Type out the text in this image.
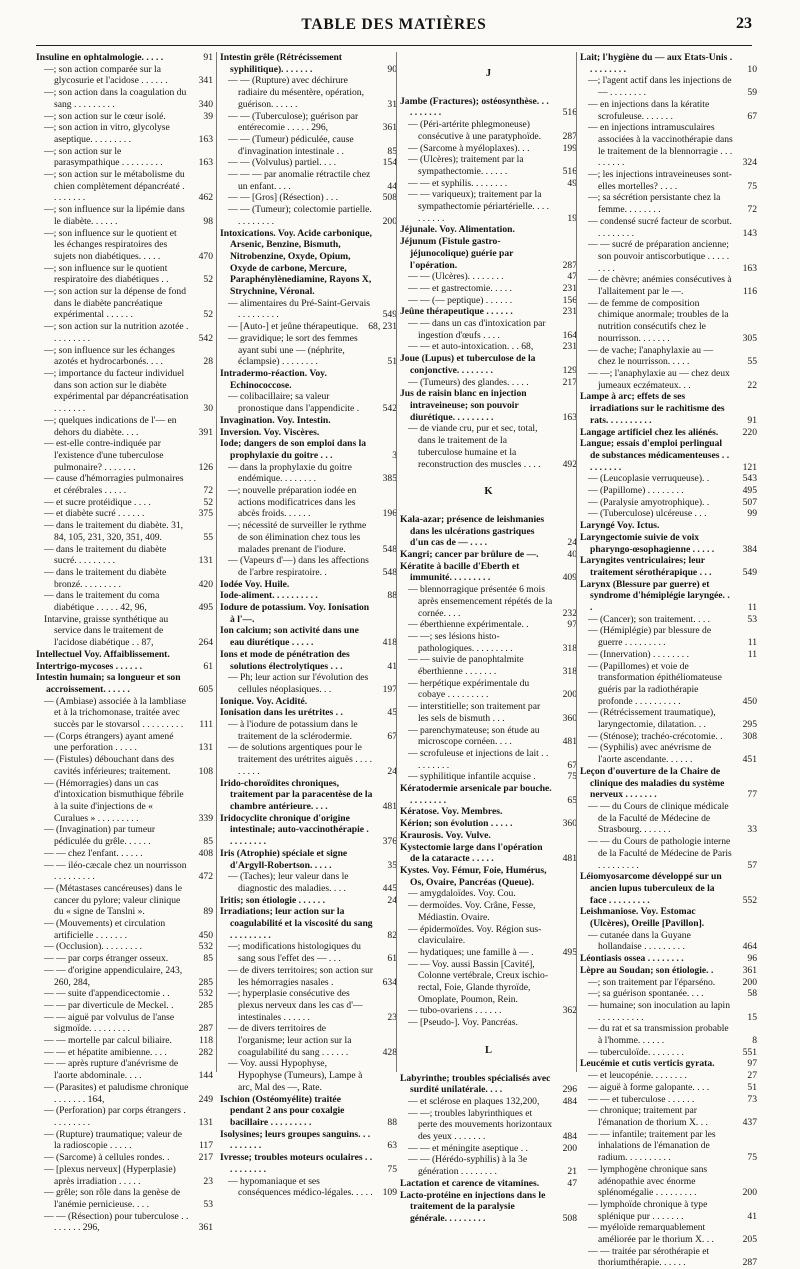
TABLE DES MATIÈRES	23
Insuline en ophtalmologie. . . . .	91
—; son action comparée sur la glycosurie et l'acidose . . . . . .	341
—; son action dans la coagulation du sang . . . . . . . . .	340
—; son action sur le cœur isolé.	39
—; son action in vitro, glycolyse aseptique. . . . . . . . .	163
—; son action sur le parasympathique . . . . . . . . .	163
—; son action sur le métabolisme du chien complètement dépancréaté . . . . . . . .	462
—; son influence sur la lipémie dans le diabète. . . . . .	98
—; son influence sur le quotient et les échanges respiratoires des sujets non diabétiques. . . . .	470
—; son influence sur le quotient respiratoire des diabétiques . .	52
—; son action sur la dépense de fond dans le diabète pancréatique expérimental . . . . . .	52
—; son action sur la nutrition azotée . . . . . . . . .	542
—; son influence sur les échanges azotés et hydrocarbonés. . . .	28
—; importance du facteur individuel dans son action sur le diabète expérimental par dépancréatisation . . . . . . .	30
—; quelques indications de l'— en dehors du diabète. . . .	391
— est-elle contre-indiquée par l'existence d'une tuberculose pulmonaire? . . . . . . .	126
— cause d'hémorragies pulmonaires et cérébrales . . . . .	72
— et sucre protéidique . . . .	52
— et diabète sucré . . . . . .	375
— dans le traitement du diabète. 31, 84, 105, 231, 320, 351, 409.	55
— dans le traitement du diabète sucré. . . . . . . . .	131
— dans le traitement du diabète bronzé. . . . . . . . .	420
— dans le traitement du coma diabétique . . . . . 42, 96,	495
Intarvine, graisse synthétique au service dans le traitement de l'acidose diabétique . . 87,	264
Intellectuel Voy. Affaiblissement.
Intertrigo-mycoses . . . . . .	61
Intestin humain; sa longueur et son accroissement. . . . . .	605
— (Ambiase) associée à la lambliase et à la trichomonase, traitée avec succès par le stovarsol . . . . . . . . .	111
— (Corps étrangers) ayant amené une perforation . . . . .	131
— (Fistules) débouchant dans des cavités inférieures; traitement.	108
— (Hémorragies) dans un cas d'intoxication bismuthique fébrile à la suite d'injections de « Curalues » . . . . . . . . .	339
— (Invagination) par tumeur pédiculée du grêle. . . . . .	85
— — chez l'enfant. . . . . .	408
— — iléo-cæcale chez un nourrisson . . . . . . . . .	472
— (Métastases cancéreuses) dans le cancer du pylore; valeur clinique du « signe de Tanslni ».	89
— (Mouvements) et circulation artificielle . . . . . . .	450
— (Occlusion). . . . . . . . .	532
— — par corps étranger osseux.	85
— — d'origine appendiculaire, 243, 260, 284,	285
— — suite d'appendicectomie . .	532
— — par diverticule de Meckel. .	285
— — aiguë par volvulus de l'anse sigmoïde. . . . . . . . .	287
— — mortelle par calcul biliaire.	118
— — et hépatite amibienne. . . .	282
— — après rupture d'anévrisme de l'aorte abdominale. . . .	144
— (Parasites) et paludisme chronique . . . . . . . 164,	249
— (Perforation) par corps étrangers . . . . . . . . .	131
— (Rupture) traumatique; valeur de la radioscopie . . . . .	117
— (Sarcome) à cellules rondes. .	217
— [plexus nerveux] (Hyperplasie) après irradiation . . . . .	23
— grêle; son rôle dans la genèse de l'anémie pernicieuse. . . .	53
— — (Résection) pour tuberculose . . . . . . . . 296,	361
Intestin grêle (Rétrécissement syphilitique). . . . . . .	90
— — (Rupture) avec déchirure radiaire du mésentère, opération, guérison. . . . . .	31
— — (Tuberculose); guérison par entérecomie . . . . . 296,	361
— — (Tumeur) pédiculée, cause d'invagination intestinale . .	85
— — (Volvulus) partiel. . . .	154
— — — par anomalie rétractile chez un enfant. . . .	44
— — [Gros] (Résection) . . .	508
— — (Tumeur); colectomie partielle. . . . . . . . .	200
Intoxications. Voy. Acide carbonique, Arsenic, Benzine, Bismuth, Nitrobenzine, Oxyde, Opium, Oxyde de carbone, Mercure, Paraphénylènediamine, Rayons X, Strychnine, Véronal.
— alimentaires du Pré-Saint-Gervais . . . . . . . . .	549
— [Auto-] et jeûne thérapeutique.	68, 231
— gravidique; le sort des femmes ayant subi une — (néphrite, éclampsie) . . . . . . . .	51
Intradermo-réaction. Voy. Echinococcose.
— colibacillaire; sa valeur pronostique dans l'appendicite .	542
Invagination. Voy. Intestin.
Inversion. Voy. Viscères.
Iode; dangers de son emploi dans la prophylaxie du goitre . . .	3
— dans la prophylaxie du goitre endémique. . . . . . . .	385
—; nouvelle préparation iodée en actions modificatrices dans les abcès froids. . . . . .	196
—; nécessité de surveiller le rythme de son élimination chez tous les malades prenant de l'iodure.	548
— (Vapeurs d'—) dans les affections de l'arbre respiratoire. .	548
Iodée Voy. Huile.
Iode-aliment. . . . . . . . . .	88
Iodure de potassium. Voy. Ionisation à l'—.
Ion calcium; son activité dans une eau diurétique . . . . .	418
Ions et mode de pénétration des solutions électrolytiques . . .	41
— Ph; leur action sur l'évolution des cellules néoplasiques. . .	197
Ionique. Voy. Acidité.
Ionisation dans les urétrites . .	45
— à l'iodure de potassium dans le traitement de la sclérodermie.	67
— de solutions argentiques pour le traitement des urétrites aiguës . . . . . . . . .	24
Irido-choroïdites chroniques, traitement par la paracentèse de la chambre antérieure. . . .	481
Iridocyclite chronique d'origine intestinale; auto-vaccinothérapie . . . . . . . . .	376
Iris (Atrophie) spéciale et signe d'Argyll-Robertson. . . . .	35
— (Taches); leur valeur dans le diagnostic des maladies. . . .	445
Iritis; son étiologie . . . . . .	24
Irradiations; leur action sur la coagulabilité et la viscosité du sang . . . . . . . . .	82
—; modifications histologiques du sang sous l'effet des — . . .	61
— de divers territoires; son action sur les hémorragies nasales .	634
—; hyperplasie consécutive des plexus nerveux dans les cas d'— intestinales . . . . . .	23
— de divers territoires de l'organisme; leur action sur la coagulabilité du sang . . . . . .	428
— Voy. aussi Hypophyse, Hypophyse (Tumeurs), Lampe à arc, Mal des —, Rate.
Ischion (Ostéomyélite) traitée pendant 2 ans pour coxalgie bacillaire . . . . . . . . .	88
Isolysines; leurs groupes sanguins. . . . . . . . . .	63
Ivresse; troubles moteurs oculaires . . . . . . . . . .	75
— hypomaniaque et ses conséquences médico-légales. . . . .	109
J
Jambe (Fractures); ostéosynthèse. . . . . . . . . .	516
— (Péri-artérite phlegmoneuse) consécutive à une paratyphoïde.	287
— (Sarcome à myéloplaxes). . .	199
— (Ulcères); traitement par la sympathectomie. . . . . .	516
— — et syphilis. . . . . . . .	49
— — variqueux); traitement par la sympathectomie périartérielle. . . . . . . . . .	19
Jéjunale. Voy. Alimentation.
Jéjunum (Fistule gastro-jéjunocolique) guérie par l'opération.	287
— — (Ulcères). . . . . . . .	47
— — et gastrectomie. . . . .	231
— — (— peptique) . . . . . .	156
Jeûne thérapeutique . . . . . .	231
— — dans un cas d'intoxication par ingestion d'œufs . . . .	164
— — et auto-intoxication. . . 68,	231
Joue (Lupus) et tuberculose de la conjonctive. . . . . . . .	129
— (Tumeurs) des glandes. . . . .	217
Jus de raisin blanc en injection intraveineuse; son pouvoir diurétique. . . . . . . . .	163
— de viande cru, pur et sec, total, dans le traitement de la tuberculose humaine et la reconstruction des muscles . . . .	492
K
Kala-azar; présence de leishmanies dans les ulcérations gastriques d'un cas de — . . . .	24
Kangri; cancer par brûlure de —.	40
Kératite à bacille d'Eberth et immunité. . . . . . . . .	409
— blennorragique présentée 6 mois après ensemencement répétés de la cornée. . . .	232
— éberthienne expérimentale. .	97
— —; ses lésions histo-pathologiques. . . . . . . . .	318
— — suivie de panophtalmite éberthienne . . . . . . .	318
— herpétique expérimentale du cobaye . . . . . . . . .	200
— interstitielle; son traitement par les sels de bismuth . . .	360
— parenchymateuse; son étude au microscope cornéen. . . .	481
— scrofuleuse et injections de lait . . . . . . . . .	67
— syphilitique infantile acquise .	75
Kératodermie arsenicale par bouche. . . . . . . . .	65
Kératose. Voy. Membres.
Kérion; son évolution . . . . .	360
Kraurosis. Voy. Vulve.
Kystectomie large dans l'opération de la cataracte . . . . .	481
Kystes. Voy. Fémur, Foie, Humérus, Os, Ovaire, Pancréas (Queue).
— amygdaloïdes. Voy. Cou.
— dermoïdes. Voy. Crâne, Fesse, Médiastin. Ovaire.
— épidermoïdes. Voy. Région sus-claviculaire.
— hydatiques; une famille à — .	495
— — Voy. aussi Bassin [Cavité], Colonne vertébrale, Creux ischio-rectal, Foie, Glande thyroïde, Omoplate, Poumon, Rein.
— tubo-ovariens . . . . . .	362
— [Pseudo-]. Voy. Pancréas.
L
Labyrinthe; troubles spécialisés avec surdité unilatérale. . . .	296
— et sclérose en plaques 132,200,	484
— —; troubles labyrinthiques et perte des mouvements horizontaux des yeux . . . . . . .	484
— — et méningite aseptique . .	200
— — (Hérédo-syphilis) à la 3e génération . . . . . . . .	21
Lactation et carence de vitamines.	47
Lacto-protéine en injections dans le traitement de la paralysie générale. . . . . . . . .	508
Lait; l'hygiène du — aux Etats-Unis . . . . . . . . .	10
—; l'agent actif dans les injections de — . . . . . . . .	59
— en injections dans la kératite scrofuleuse. . . . . . .	67
— en injections intramusculaires associées à la vaccinothérapie dans le traitement de la blennorragie . . . . . . . . .	324
—; les injections intraveineuses sont-elles mortelles? . . . .	75
—; sa sécrétion persistante chez la femme. . . . . . . .	72
— condensé sucré facteur de scorbut. . . . . . . . .	143
— — sucré de préparation ancienne; son pouvoir antiscorbutique . . . . . . . . .	163
— de chèvre; anémies consécutives à l'allaitement par le —.	116
— de femme de composition chimique anormale; troubles de la nutrition consécutifs chez le nourrisson. . . . . . .	305
— de vache; l'anaphylaxie au — chez le nourrisson. . . . .	55
— —; l'anaphylaxie au — chez deux jumeaux eczémateux. . .	22
Lampe à arc; effets de ses irradiations sur le rachitisme des rats. . . . . . . . . .	91
Langage artificiel chez les aliénés.	220
Langue; essais d'emploi perlingual de substances médicamenteuses . . . . . . . . .	121
— (Leucoplasie verruqueuse). .	543
— (Papillome) . . . . . . . .	495
— (Paralysie amyotrophique). .	507
— (Tuberculose) ulcéreuse . . .	99
Laryngé Voy. Ictus.
Laryngectomie suivie de voix pharyngo-œsophagienne . . . . .	384
Laryngites ventriculaires; leur traitement sérothérapique . . .	549
Larynx (Blessure par guerre) et syndrome d'hémiplégie laryngée. . .	11
— (Cancer); son traitement. . . .	53
— (Hémiplégie) par blessure de guerre . . . . . . . . .	11
— (Innervation) . . . . . . . .	11
— (Papillomes) et voie de transformation épithéliomateuse guéris par la radiothérapie profonde . . . . . . . . . .	450
— (Rétrécissement traumatique), laryngectomie, dilatation. . .	295
— (Sténose); trachéo-crécotomie. .	308
— (Syphilis) avec anévrisme de l'aorte ascendante. . . . . .	451
Leçon d'ouverture de la Chaire de clinique des maladies du système nerveux . . . . . . .	77
— — du Cours de clinique médicale de la Faculté de Médecine de Strasbourg. . . . . . .	33
— — du Cours de pathologie interne de la Faculté de Médecine de Paris . . . . . . . . .	57
Léiomyosarcome développé sur un ancien lupus tuberculeux de la face . . . . . . . . .	552
Leishmaniose. Voy. Estomac (Ulcères), Oreille [Pavillon].
— cutanée dans la Guyane hollandaise . . . . . . . . .	464
Léontiasis ossea . . . . . . . .	96
Lèpre au Soudan; son étiologie. .	361
—; son traitement par l'éparséno.	200
—; sa guérison spontanée. . . .	58
— humaine; son inoculation au lapin . . . . . . . . . .	15
— du rat et sa transmission probable à l'homme. . . . . .	8
— tuberculoïde. . . . . . . .	551
Leucémie et cutis verticis gyrata.	97
— et leucopénie. . . . . . . .	27
— aiguë à forme galopante. . . .	51
— — et tuberculose . . . . . .	73
— chronique; traitement par l'émanation de thorium X. . .	437
— — infantile; traitement par les inhalations de l'émanation de radium. . . . . . . . . .	75
— lymphogène chronique sans adénopathie avec énorme splénomégalie . . . . . . . . .	200
— lymphoïde chronique à type splénique pur . . . . . . .	41
— myéloïde remarquablement améliorée par le thorium X. . .	205
— — traitée par sérothérapie et thoriumthérapie. . . . . .	287
